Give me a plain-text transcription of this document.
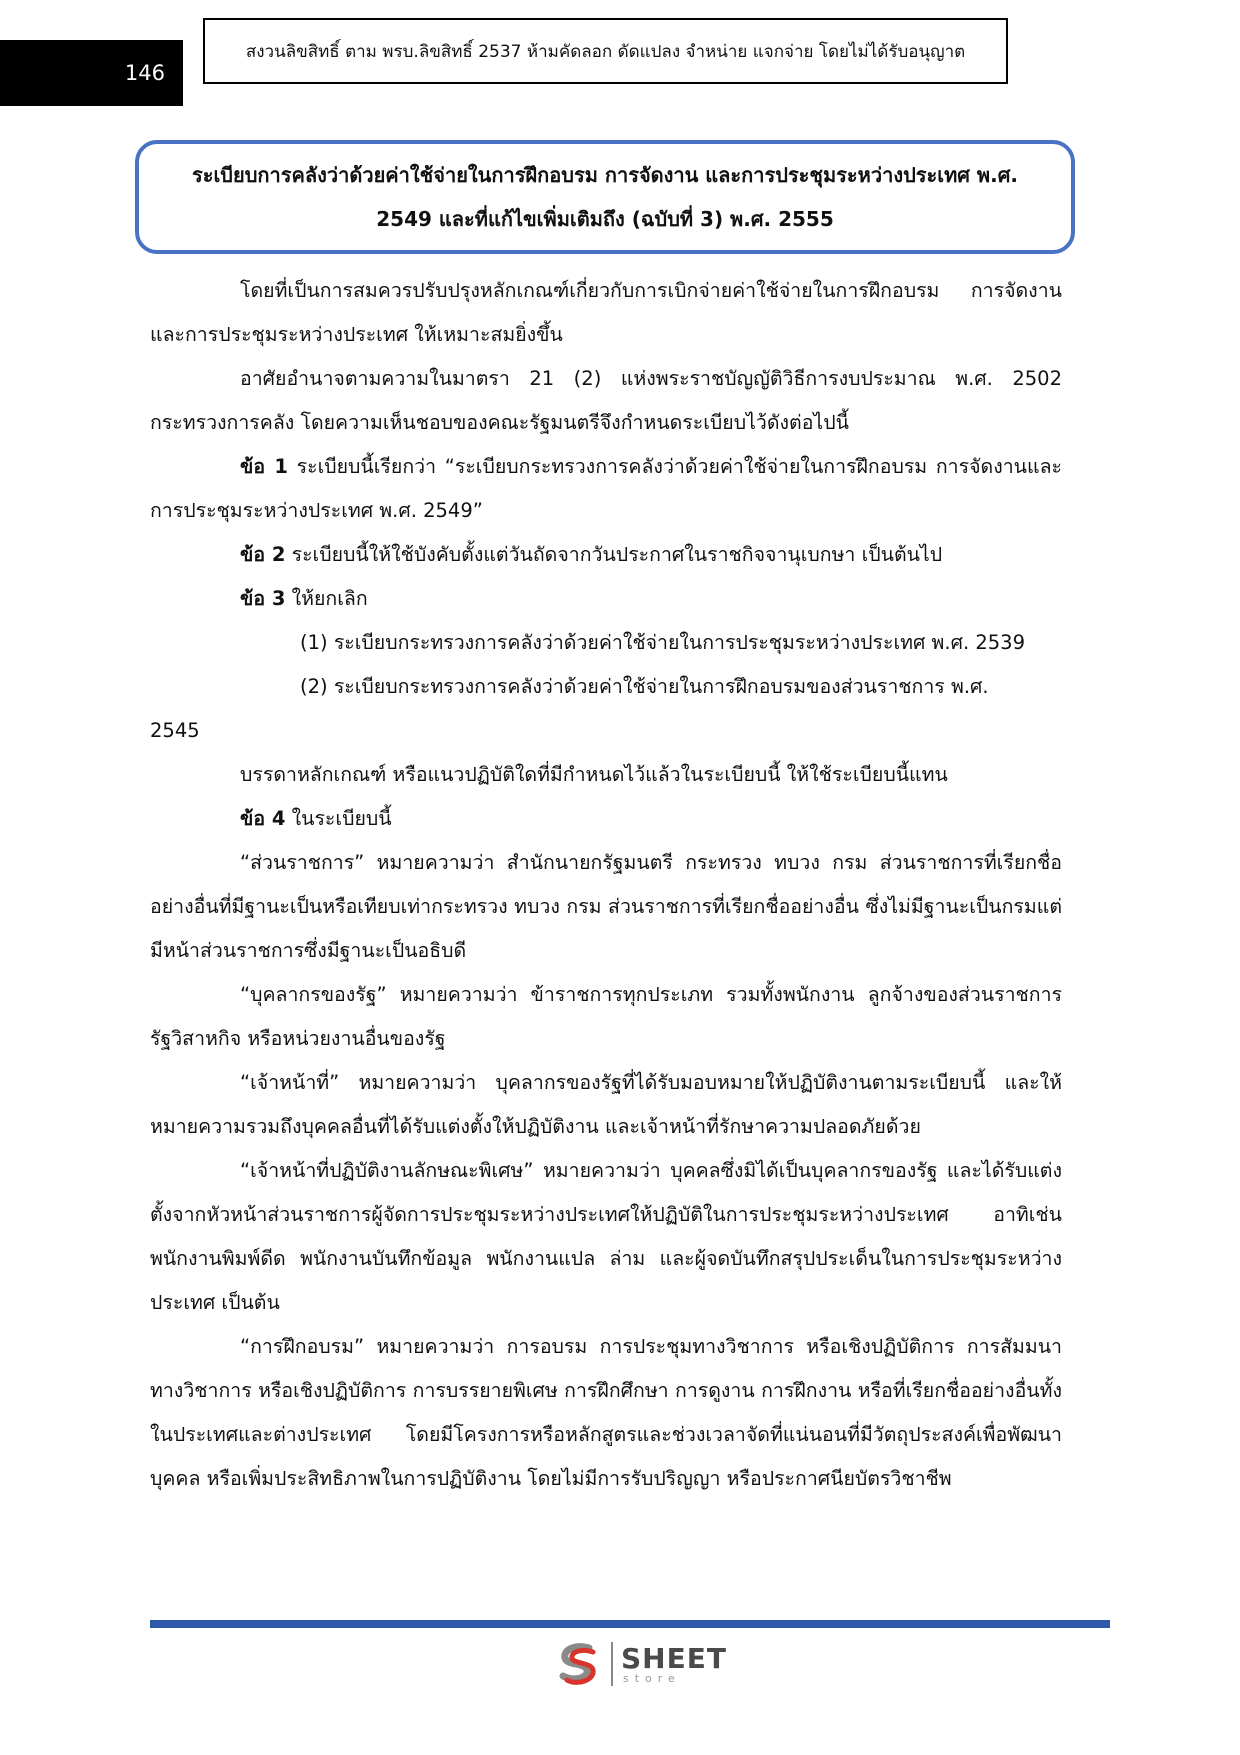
146
สงวนลิขสิทธิ์ ตาม พรบ.ลิขสิทธิ์ 2537 ห้ามคัดลอก ดัดแปลง จำหน่าย แจกจ่าย โดยไม่ได้รับอนุญาต
ระเบียบการคลังว่าด้วยค่าใช้จ่ายในการฝึกอบรม การจัดงาน และการประชุมระหว่างประเทศ พ.ศ.
2549 และที่แก้ไขเพิ่มเติมถึง (ฉบับที่ 3) พ.ศ. 2555

โดยที่เป็นการสมควรปรับปรุงหลักเกณฑ์เกี่ยวกับการเบิกจ่ายค่าใช้จ่ายในการฝึกอบรม การจัดงานและการประชุมระหว่างประเทศ ให้เหมาะสมยิ่งขึ้น

อาศัยอำนาจตามความในมาตรา 21 (2) แห่งพระราชบัญญัติวิธีการงบประมาณ พ.ศ. 2502 กระทรวงการคลัง โดยความเห็นชอบของคณะรัฐมนตรีจึงกำหนดระเบียบไว้ดังต่อไปนี้

ข้อ 1 ระเบียบนี้เรียกว่า “ระเบียบกระทรวงการคลังว่าด้วยค่าใช้จ่ายในการฝึกอบรม การจัดงานและการประชุมระหว่างประเทศ พ.ศ. 2549”

ข้อ 2 ระเบียบนี้ให้ใช้บังคับตั้งแต่วันถัดจากวันประกาศในราชกิจจานุเบกษา เป็นต้นไป

ข้อ 3 ให้ยกเลิก

(1) ระเบียบกระทรวงการคลังว่าด้วยค่าใช้จ่ายในการประชุมระหว่างประเทศ พ.ศ. 2539

(2) ระเบียบกระทรวงการคลังว่าด้วยค่าใช้จ่ายในการฝึกอบรมของส่วนราชการ พ.ศ.

2545

บรรดาหลักเกณฑ์ หรือแนวปฏิบัติใดที่มีกำหนดไว้แล้วในระเบียบนี้ ให้ใช้ระเบียบนี้แทน

ข้อ 4 ในระเบียบนี้

“ส่วนราชการ” หมายความว่า สำนักนายกรัฐมนตรี กระทรวง ทบวง กรม ส่วนราชการที่เรียกชื่ออย่างอื่นที่มีฐานะเป็นหรือเทียบเท่ากระทรวง ทบวง กรม ส่วนราชการที่เรียกชื่ออย่างอื่น ซึ่งไม่มีฐานะเป็นกรมแต่มีหน้าส่วนราชการซึ่งมีฐานะเป็นอธิบดี

“บุคลากรของรัฐ” หมายความว่า ข้าราชการทุกประเภท รวมทั้งพนักงาน ลูกจ้างของส่วนราชการ รัฐวิสาหกิจ หรือหน่วยงานอื่นของรัฐ

“เจ้าหน้าที่” หมายความว่า บุคลากรของรัฐที่ได้รับมอบหมายให้ปฏิบัติงานตามระเบียบนี้ และให้หมายความรวมถึงบุคคลอื่นที่ได้รับแต่งตั้งให้ปฏิบัติงาน และเจ้าหน้าที่รักษาความปลอดภัยด้วย

“เจ้าหน้าที่ปฏิบัติงานลักษณะพิเศษ” หมายความว่า บุคคลซึ่งมิได้เป็นบุคลากรของรัฐ และได้รับแต่งตั้งจากหัวหน้าส่วนราชการผู้จัดการประชุมระหว่างประเทศให้ปฏิบัติในการประชุมระหว่างประเทศ อาทิเช่น พนักงานพิมพ์ดีด พนักงานบันทึกข้อมูล พนักงานแปล ล่าม และผู้จดบันทึกสรุปประเด็นในการประชุมระหว่างประเทศ เป็นต้น

“การฝึกอบรม” หมายความว่า การอบรม การประชุมทางวิชาการ หรือเชิงปฏิบัติการ การสัมมนาทางวิชาการ หรือเชิงปฏิบัติการ การบรรยายพิเศษ การฝึกศึกษา การดูงาน การฝึกงาน หรือที่เรียกชื่ออย่างอื่นทั้งในประเทศและต่างประเทศ โดยมีโครงการหรือหลักสูตรและช่วงเวลาจัดที่แน่นอนที่มีวัตถุประสงค์เพื่อพัฒนาบุคคล หรือเพิ่มประสิทธิภาพในการปฏิบัติงาน โดยไม่มีการรับปริญญา หรือประกาศนียบัตรวิชาชีพ

SHEET
store
